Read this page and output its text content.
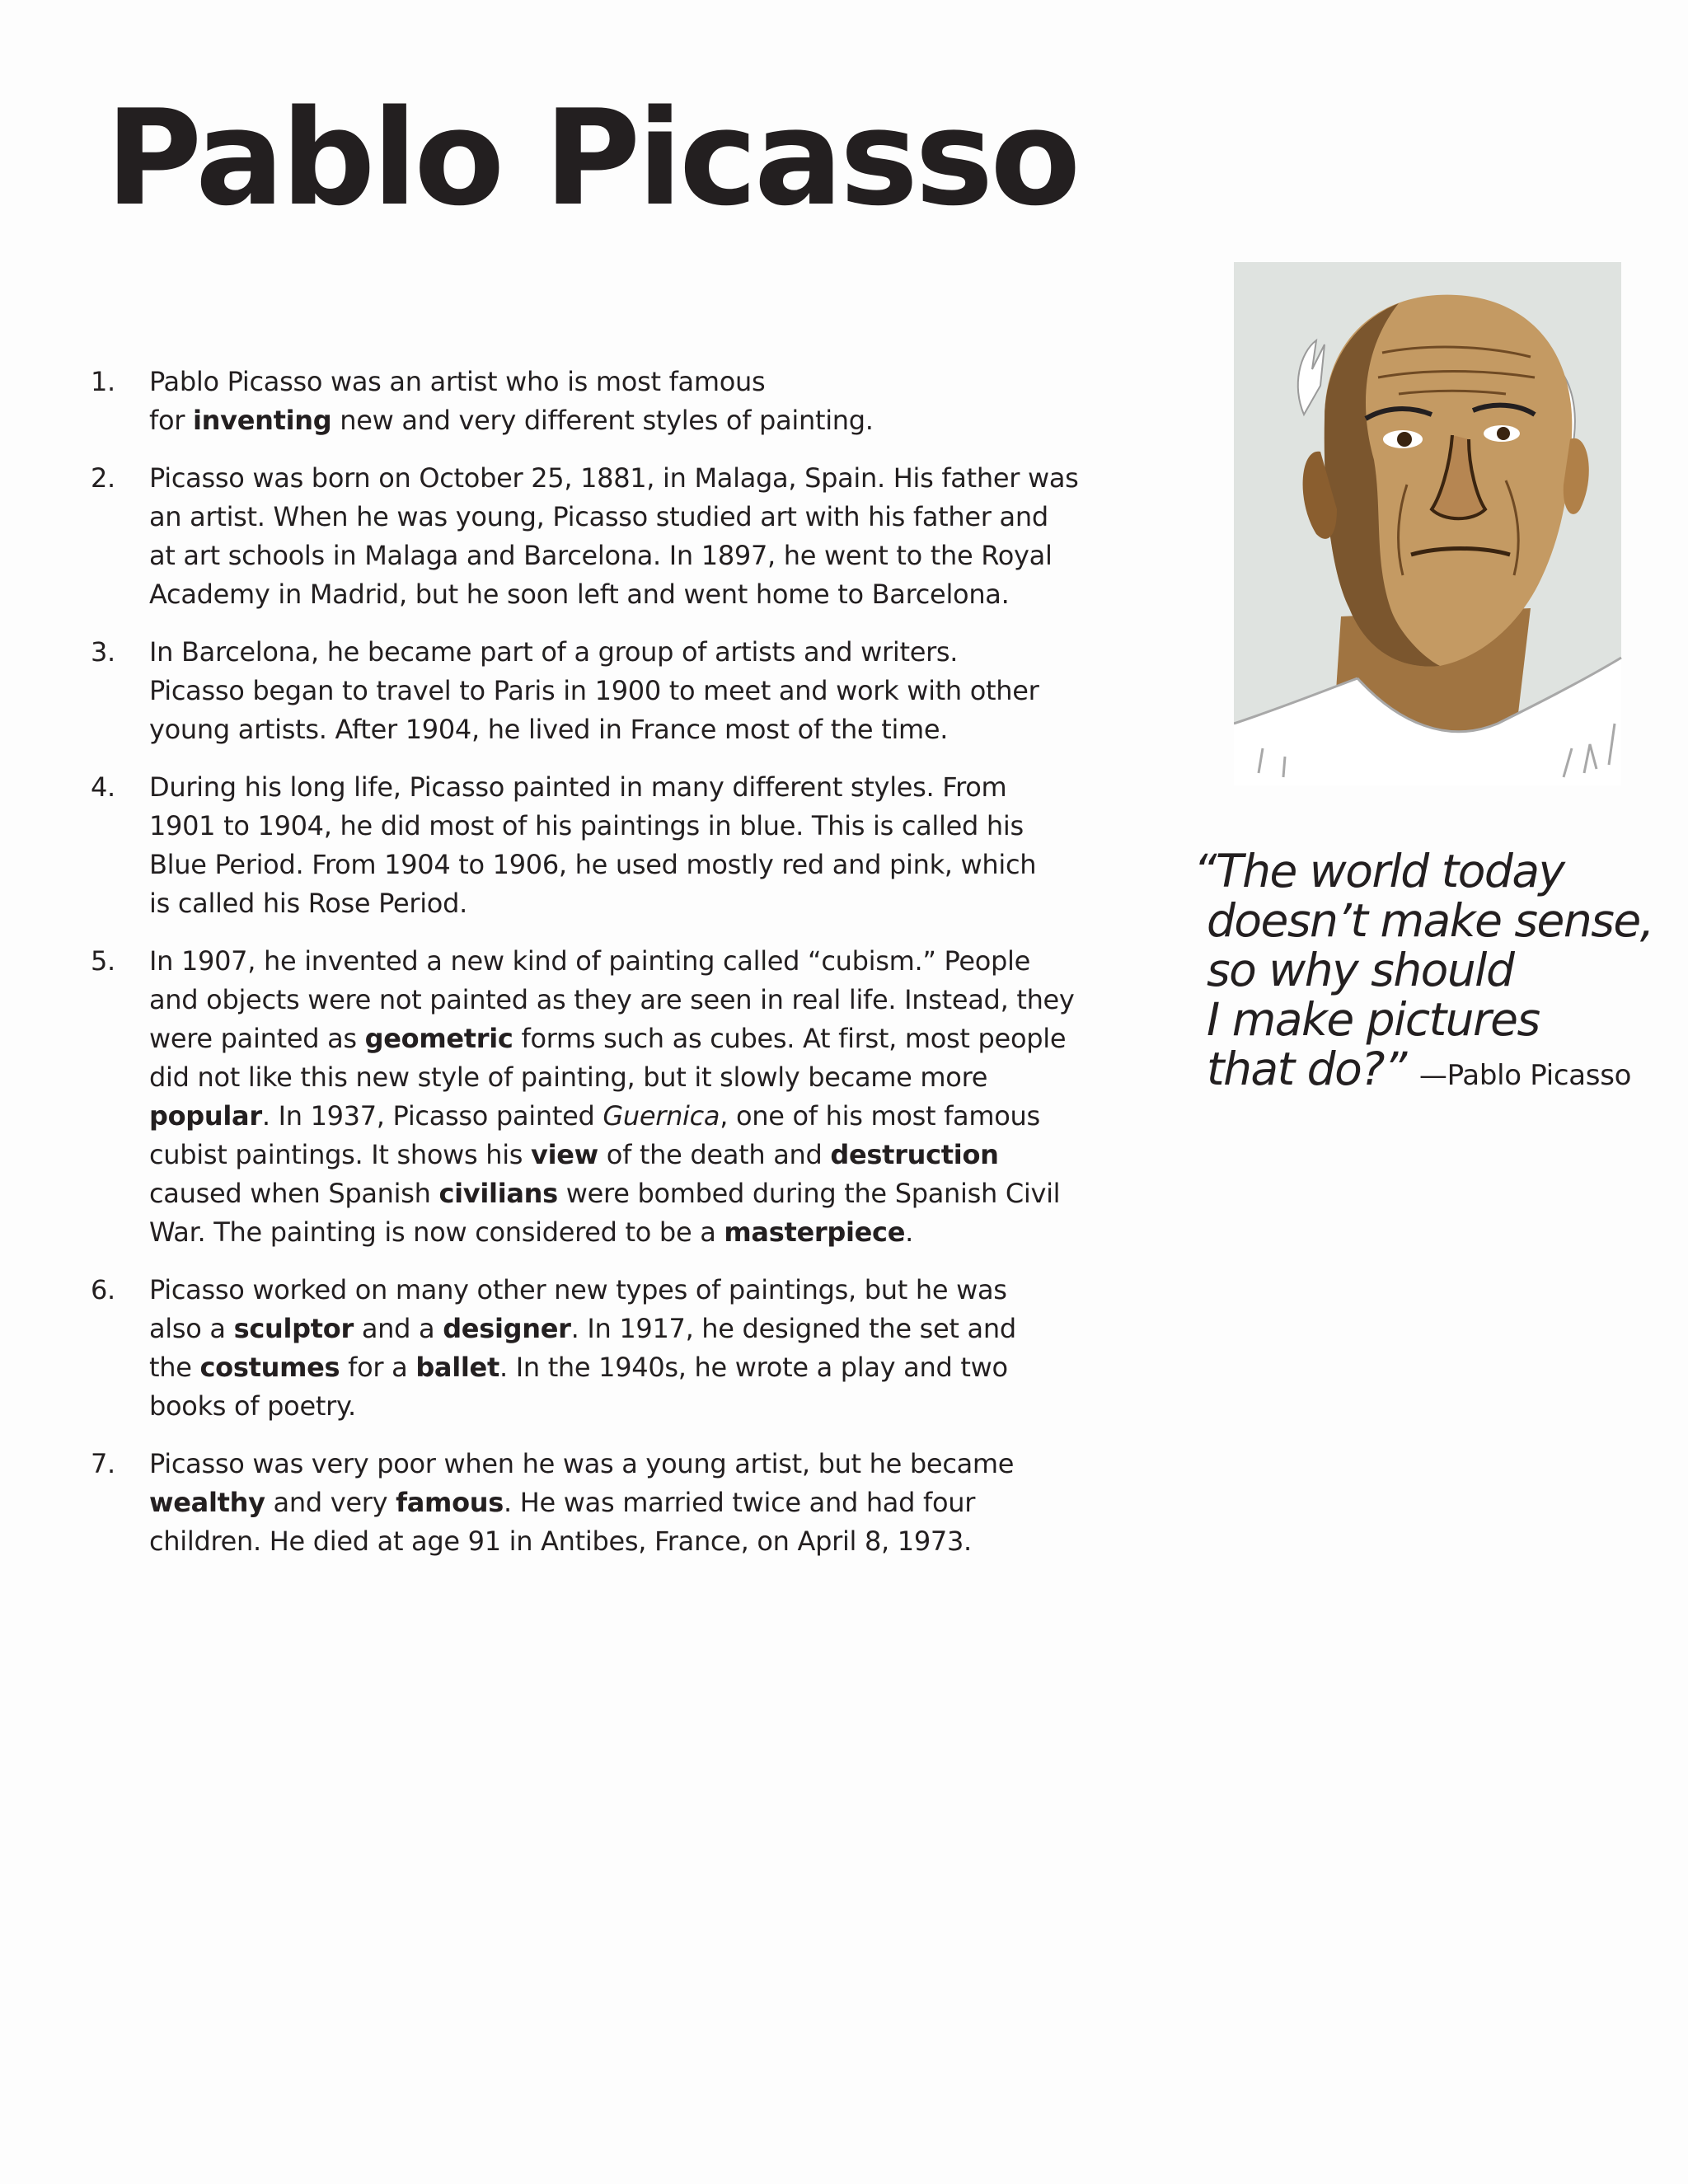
Pablo Picasso
1. Pablo Picasso was an artist who is most famous
for inventing new and very different styles of painting.
2. Picasso was born on October 25, 1881, in Malaga, Spain. His father was
an artist. When he was young, Picasso studied art with his father and
at art schools in Malaga and Barcelona. In 1897, he went to the Royal
Academy in Madrid, but he soon left and went home to Barcelona.
3. In Barcelona, he became part of a group of artists and writers.
Picasso began to travel to Paris in 1900 to meet and work with other
young artists. After 1904, he lived in France most of the time.
4. During his long life, Picasso painted in many different styles. From
1901 to 1904, he did most of his paintings in blue. This is called his
Blue Period. From 1904 to 1906, he used mostly red and pink, which
is called his Rose Period.
5. In 1907, he invented a new kind of painting called “cubism.” People
and objects were not painted as they are seen in real life. Instead, they
were painted as geometric forms such as cubes. At first, most people
did not like this new style of painting, but it slowly became more
popular. In 1937, Picasso painted Guernica, one of his most famous
cubist paintings. It shows his view of the death and destruction
caused when Spanish civilians were bombed during the Spanish Civil
War. The painting is now considered to be a masterpiece.
6. Picasso worked on many other new types of paintings, but he was
also a sculptor and a designer. In 1917, he designed the set and
the costumes for a ballet. In the 1940s, he wrote a play and two
books of poetry.
7. Picasso was very poor when he was a young artist, but he became
wealthy and very famous. He was married twice and had four
children. He died at age 91 in Antibes, France, on April 8, 1973.
“The world today
doesn’t make sense,
so why should
I make pictures
that do?” —Pablo Picasso
